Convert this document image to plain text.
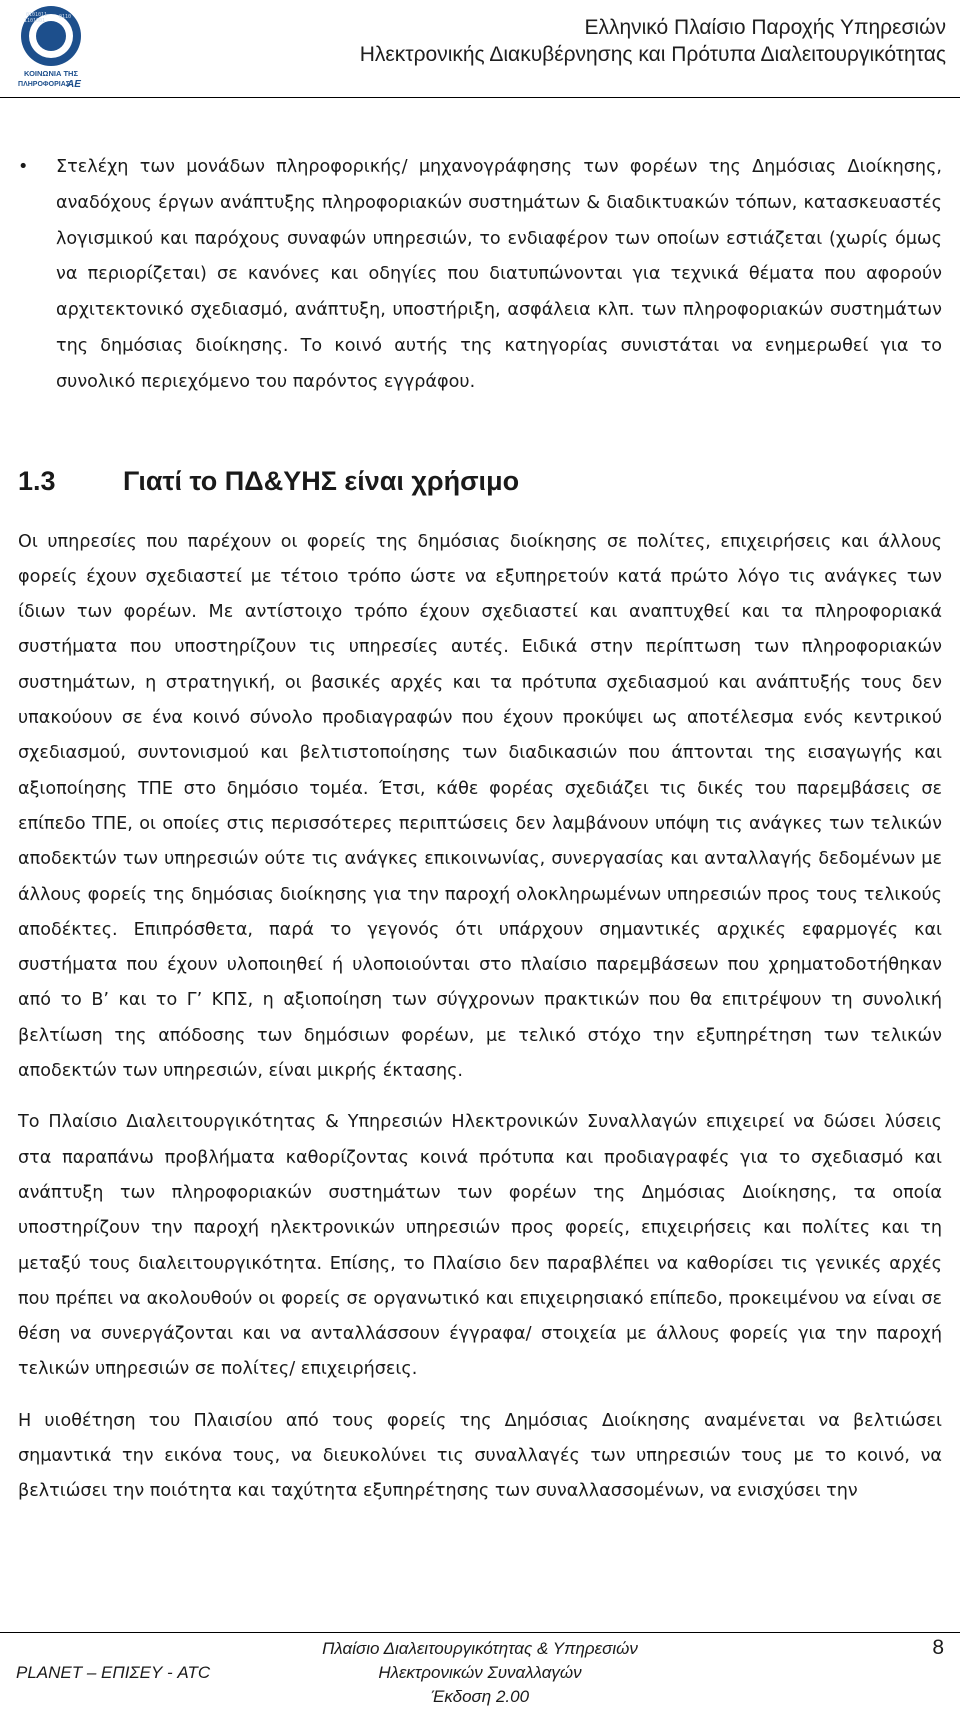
0101011
1101001
0110
ΚΟΙΝΩΝΙΑ ΤΗΣ
ΠΛΗΡΟΦΟΡΙΑΣ
ΑΕ
Ελληνικό Πλαίσιο Παροχής Υπηρεσιών
Ηλεκτρονικής Διακυβέρνησης και Πρότυπα Διαλειτουργικότητας
• Στελέχη των μονάδων πληροφορικής/ μηχανογράφησης των φορέων της Δημόσιας Διοίκησης, αναδόχους έργων ανάπτυξης πληροφοριακών συστημάτων & διαδικτυακών τόπων, κατασκευαστές λογισμικού και παρόχους συναφών υπηρεσιών, το ενδιαφέρον των οποίων εστιάζεται (χωρίς όμως να περιορίζεται) σε κανόνες και οδηγίες που διατυπώνονται για τεχνικά θέματα που αφορούν αρχιτεκτονικό σχεδιασμό, ανάπτυξη, υποστήριξη, ασφάλεια κλπ. των πληροφοριακών συστημάτων της δημόσιας διοίκησης. Το κοινό αυτής της κατηγορίας συνιστάται να ενημερωθεί για το συνολικό περιεχόμενο του παρόντος εγγράφου.
1.3	Γιατί το ΠΔ&ΥΗΣ είναι χρήσιμο

Οι υπηρεσίες που παρέχουν οι φορείς της δημόσιας διοίκησης σε πολίτες, επιχειρήσεις και άλλους φορείς έχουν σχεδιαστεί με τέτοιο τρόπο ώστε να εξυπηρετούν κατά πρώτο λόγο τις ανάγκες των ίδιων των φορέων. Με αντίστοιχο τρόπο έχουν σχεδιαστεί και αναπτυχθεί και τα πληροφοριακά συστήματα που υποστηρίζουν τις υπηρεσίες αυτές. Ειδικά στην περίπτωση των πληροφοριακών συστημάτων, η στρατηγική, οι βασικές αρχές και τα πρότυπα σχεδιασμού και ανάπτυξής τους δεν υπακούουν σε ένα κοινό σύνολο προδιαγραφών που έχουν προκύψει ως αποτέλεσμα ενός κεντρικού σχεδιασμού, συντονισμού και βελτιστοποίησης των διαδικασιών που άπτονται της εισαγωγής και αξιοποίησης ΤΠΕ στο δημόσιο τομέα. Έτσι, κάθε φορέας σχεδιάζει τις δικές του παρεμβάσεις σε επίπεδο ΤΠΕ, οι οποίες στις περισσότερες περιπτώσεις δεν λαμβάνουν υπόψη τις ανάγκες των τελικών αποδεκτών των υπηρεσιών ούτε τις ανάγκες επικοινωνίας, συνεργασίας και ανταλλαγής δεδομένων με άλλους φορείς της δημόσιας διοίκησης για την παροχή ολοκληρωμένων υπηρεσιών προς τους τελικούς αποδέκτες. Επιπρόσθετα, παρά το γεγονός ότι υπάρχουν σημαντικές αρχικές εφαρμογές και συστήματα που έχουν υλοποιηθεί ή υλοποιούνται στο πλαίσιο παρεμβάσεων που χρηματοδοτήθηκαν από το Β’ και το Γ’ ΚΠΣ, η αξιοποίηση των σύγχρονων πρακτικών που θα επιτρέψουν τη συνολική βελτίωση της απόδοσης των δημόσιων φορέων, με τελικό στόχο την εξυπηρέτηση των τελικών αποδεκτών των υπηρεσιών, είναι μικρής έκτασης.

Το Πλαίσιο Διαλειτουργικότητας & Υπηρεσιών Ηλεκτρονικών Συναλλαγών επιχειρεί να δώσει λύσεις στα παραπάνω προβλήματα καθορίζοντας κοινά πρότυπα και προδιαγραφές για το σχεδιασμό και ανάπτυξη των πληροφοριακών συστημάτων των φορέων της Δημόσιας Διοίκησης, τα οποία υποστηρίζουν την παροχή ηλεκτρονικών υπηρεσιών προς φορείς, επιχειρήσεις και πολίτες και τη μεταξύ τους διαλειτουργικότητα. Επίσης, το Πλαίσιο δεν παραβλέπει να καθορίσει τις γενικές αρχές που πρέπει να ακολουθούν οι φορείς σε οργανωτικό και επιχειρησιακό επίπεδο, προκειμένου να είναι σε θέση να συνεργάζονται και να ανταλλάσσουν έγγραφα/ στοιχεία με άλλους φορείς για την παροχή τελικών υπηρεσιών σε πολίτες/ επιχειρήσεις.

Η υιοθέτηση του Πλαισίου από τους φορείς της Δημόσιας Διοίκησης αναμένεται να βελτιώσει σημαντικά την εικόνα τους, να διευκολύνει τις συναλλαγές των υπηρεσιών τους με το κοινό, να βελτιώσει την ποιότητα και ταχύτητα εξυπηρέτησης των συναλλασσομένων, να ενισχύσει την

PLANET – ΕΠΙΣΕΥ - ATC
Πλαίσιο Διαλειτουργικότητας & Υπηρεσιών Ηλεκτρονικών Συναλλαγών
Έκδοση 2.00
8
